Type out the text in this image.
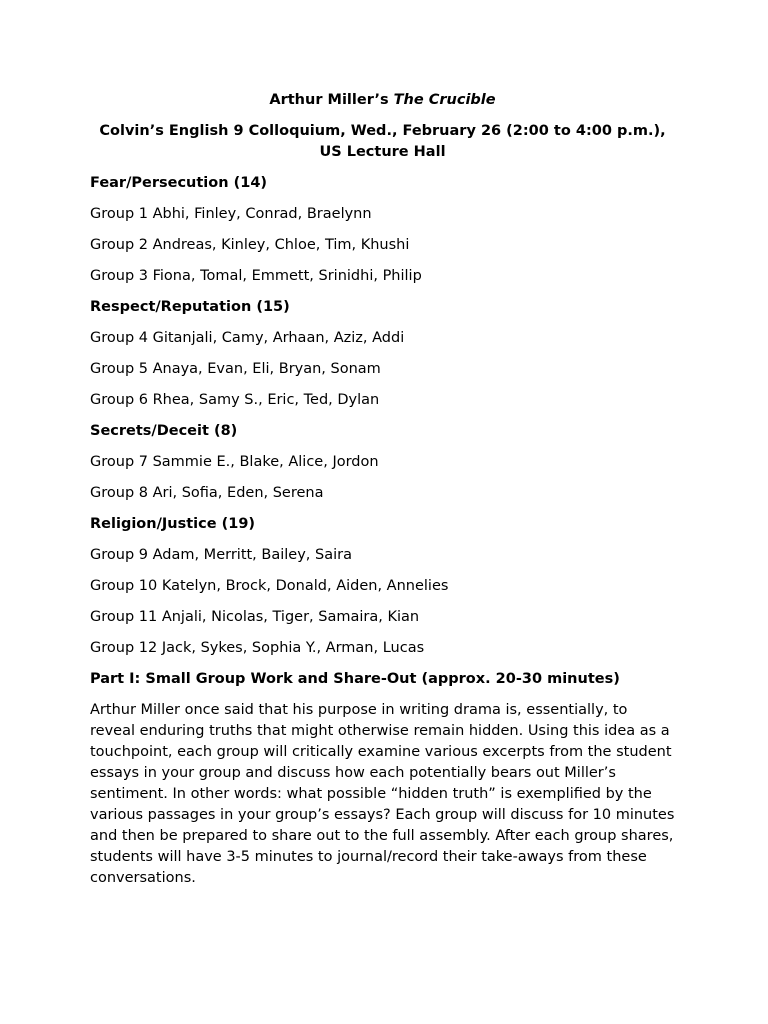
Arthur Miller’s The Crucible
Colvin’s English 9 Colloquium, Wed., February 26 (2:00 to 4:00 p.m.), US Lecture Hall
Fear/Persecution (14)
Group 1 Abhi, Finley, Conrad, Braelynn
Group 2 Andreas, Kinley, Chloe, Tim, Khushi
Group 3 Fiona, Tomal, Emmett, Srinidhi, Philip
Respect/Reputation (15)
Group 4 Gitanjali, Camy, Arhaan, Aziz, Addi
Group 5 Anaya, Evan, Eli, Bryan, Sonam
Group 6 Rhea, Samy S., Eric, Ted, Dylan
Secrets/Deceit (8)
Group 7 Sammie E., Blake, Alice, Jordon
Group 8 Ari, Sofia, Eden, Serena
Religion/Justice (19)
Group 9 Adam, Merritt, Bailey, Saira
Group 10 Katelyn, Brock, Donald, Aiden, Annelies
Group 11 Anjali, Nicolas, Tiger, Samaira, Kian
Group 12 Jack, Sykes, Sophia Y., Arman, Lucas
Part I: Small Group Work and Share-Out (approx. 20-30 minutes)

Arthur Miller once said that his purpose in writing drama is, essentially, to reveal enduring truths that might otherwise remain hidden. Using this idea as a touchpoint, each group will critically examine various excerpts from the student essays in your group and discuss how each potentially bears out Miller’s sentiment. In other words: what possible “hidden truth” is exemplified by the various passages in your group’s essays? Each group will discuss for 10 minutes and then be prepared to share out to the full assembly. After each group shares, students will have 3-5 minutes to journal/record their take-aways from these conversations.
